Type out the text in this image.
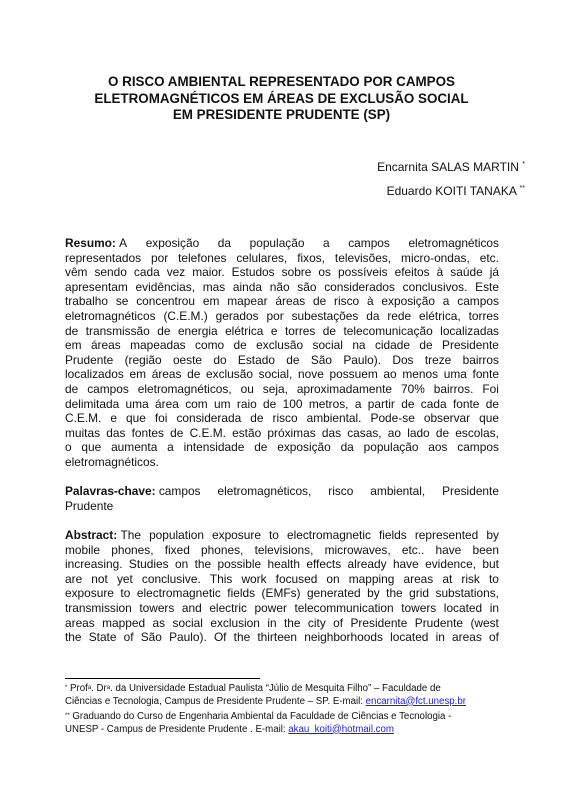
O RISCO AMBIENTAL REPRESENTADO POR CAMPOS
ELETROMAGNÉTICOS EM ÁREAS DE EXCLUSÃO SOCIAL
EM PRESIDENTE PRUDENTE (SP)
Encarnita SALAS MARTIN *
Eduardo KOITI TANAKA **
Resumo: A exposição da população a campos eletromagnéticos
representados por telefones celulares, fixos, televisões, micro-ondas, etc.
vêm sendo cada vez maior. Estudos sobre os possíveis efeitos à saúde já
apresentam evidências, mas ainda não são considerados conclusivos. Este
trabalho se concentrou em mapear áreas de risco à exposição a campos
eletromagnéticos (C.E.M.) gerados por subestações da rede elétrica, torres
de transmissão de energia elétrica e torres de telecomunicação localizadas
em áreas mapeadas como de exclusão social na cidade de Presidente
Prudente (região oeste do Estado de São Paulo). Dos treze bairros
localizados em áreas de exclusão social, nove possuem ao menos uma fonte
de campos eletromagnéticos, ou seja, aproximadamente 70% bairros. Foi
delimitada uma área com um raio de 100 metros, a partir de cada fonte de
C.E.M. e que foi considerada de risco ambiental. Pode-se observar que
muitas das fontes de C.E.M. estão próximas das casas, ao lado de escolas,
o que aumenta a intensidade de exposição da população aos campos
eletromagnéticos.
Palavras-chave: campos eletromagnéticos, risco ambiental, Presidente
Prudente
Abstract: The population exposure to electromagnetic fields represented by
mobile phones, fixed phones, televisions, microwaves, etc.. have been
increasing. Studies on the possible health effects already have evidence, but
are not yet conclusive. This work focused on mapping areas at risk to
exposure to electromagnetic fields (EMFs) generated by the grid substations,
transmission towers and electric power telecommunication towers located in
areas mapped as social exclusion in the city of Presidente Prudente (west
the State of São Paulo). Of the thirteen neighborhoods located in areas of
* Prof$^a$. Dr$^a$. da Universidade Estadual Paulista “Júlio de Mesquita Filho” – Faculdade de
Ciências e Tecnologia, Campus de Presidente Prudente – SP. E-mail: encarnita@fct.unesp.br
** Graduando do Curso de Engenharia Ambiental da Faculdade de Ciências e Tecnologia -
UNESP - Campus de Presidente Prudente . E-mail: akau_koiti@hotmail.com
